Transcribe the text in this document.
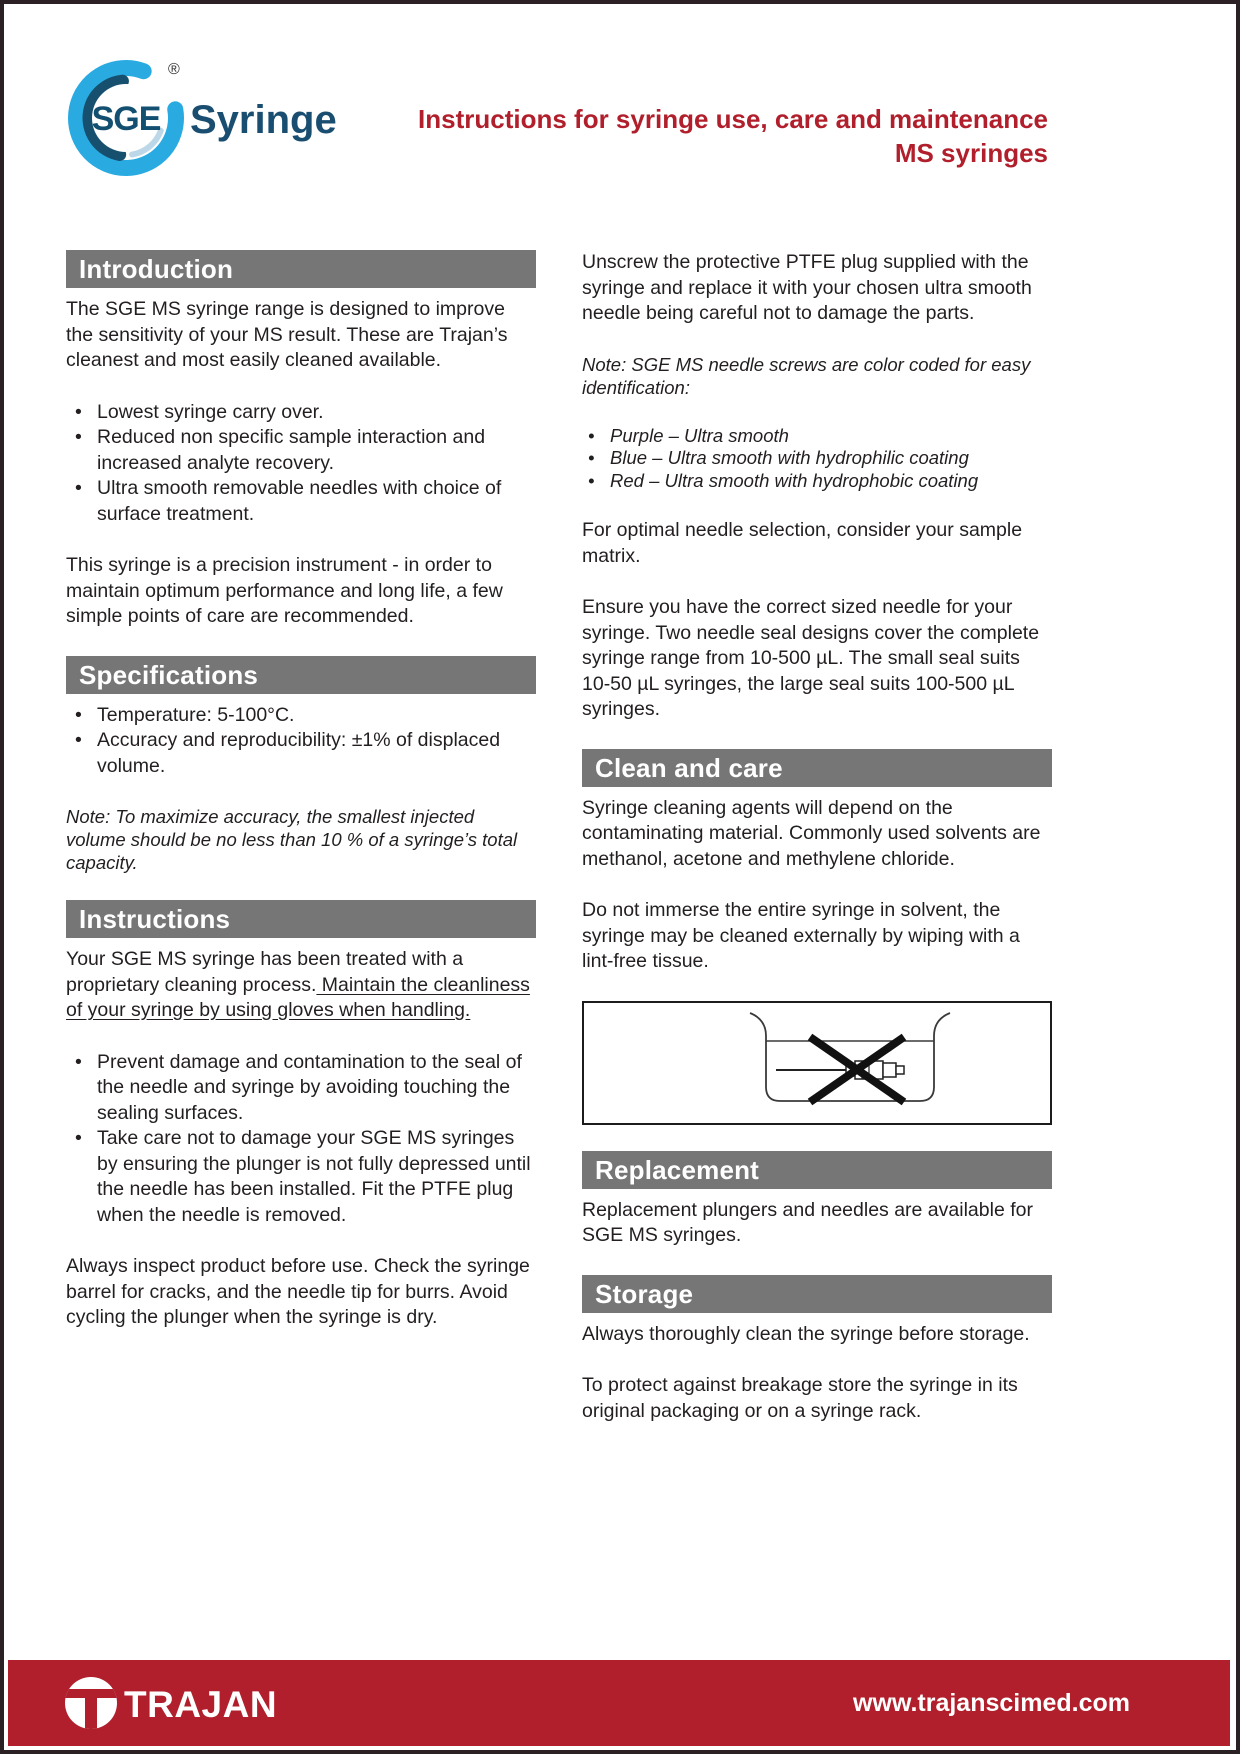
SGE
®
Syringe	Instructions for syringe use, care and maintenance
MS syringes
Introduction

The SGE MS syringe range is designed to improve the sensitivity of your MS result. These are Trajan’s cleanest and most easily cleaned available.

• Lowest syringe carry over.
• Reduced non specific sample interaction and increased analyte recovery.
• Ultra smooth removable needles with choice of surface treatment.

This syringe is a precision instrument - in order to maintain optimum performance and long life, a few simple points of care are recommended.

Specifications
• Temperature: 5-100°C.
• Accuracy and reproducibility: ±1% of displaced volume.

Note: To maximize accuracy, the smallest injected volume should be no less than 10 % of a syringe’s total capacity.

Instructions

Your SGE MS syringe has been treated with a proprietary cleaning process. Maintain the cleanliness of your syringe by using gloves when handling.

• Prevent damage and contamination to the seal of the needle and syringe by avoiding touching the sealing surfaces.
• Take care not to damage your SGE MS syringes by ensuring the plunger is not fully depressed until the needle has been installed. Fit the PTFE plug when the needle is removed.

Always inspect product before use. Check the syringe barrel for cracks, and the needle tip for burrs. Avoid cycling the plunger when the syringe is dry.

Unscrew the protective PTFE plug supplied with the syringe and replace it with your chosen ultra smooth needle being careful not to damage the parts.

Note: SGE MS needle screws are color coded for easy identification:

• Purple – Ultra smooth
• Blue – Ultra smooth with hydrophilic coating
• Red – Ultra smooth with hydrophobic coating

For optimal needle selection, consider your sample matrix.

Ensure you have the correct sized needle for your syringe. Two needle seal designs cover the complete syringe range from 10-500 µL. The small seal suits 10-50 µL syringes, the large seal suits 100-500 µL syringes.

Clean and care

Syringe cleaning agents will depend on the contaminating material. Commonly used solvents are methanol, acetone and methylene chloride.

Do not immerse the entire syringe in solvent, the syringe may be cleaned externally by wiping with a lint-free tissue.

Replacement

Replacement plungers and needles are available for SGE MS syringes.

Storage

Always thoroughly clean the syringe before storage.

To protect against breakage store the syringe in its original packaging or on a syringe rack.

TRAJAN	www.trajanscimed.com
